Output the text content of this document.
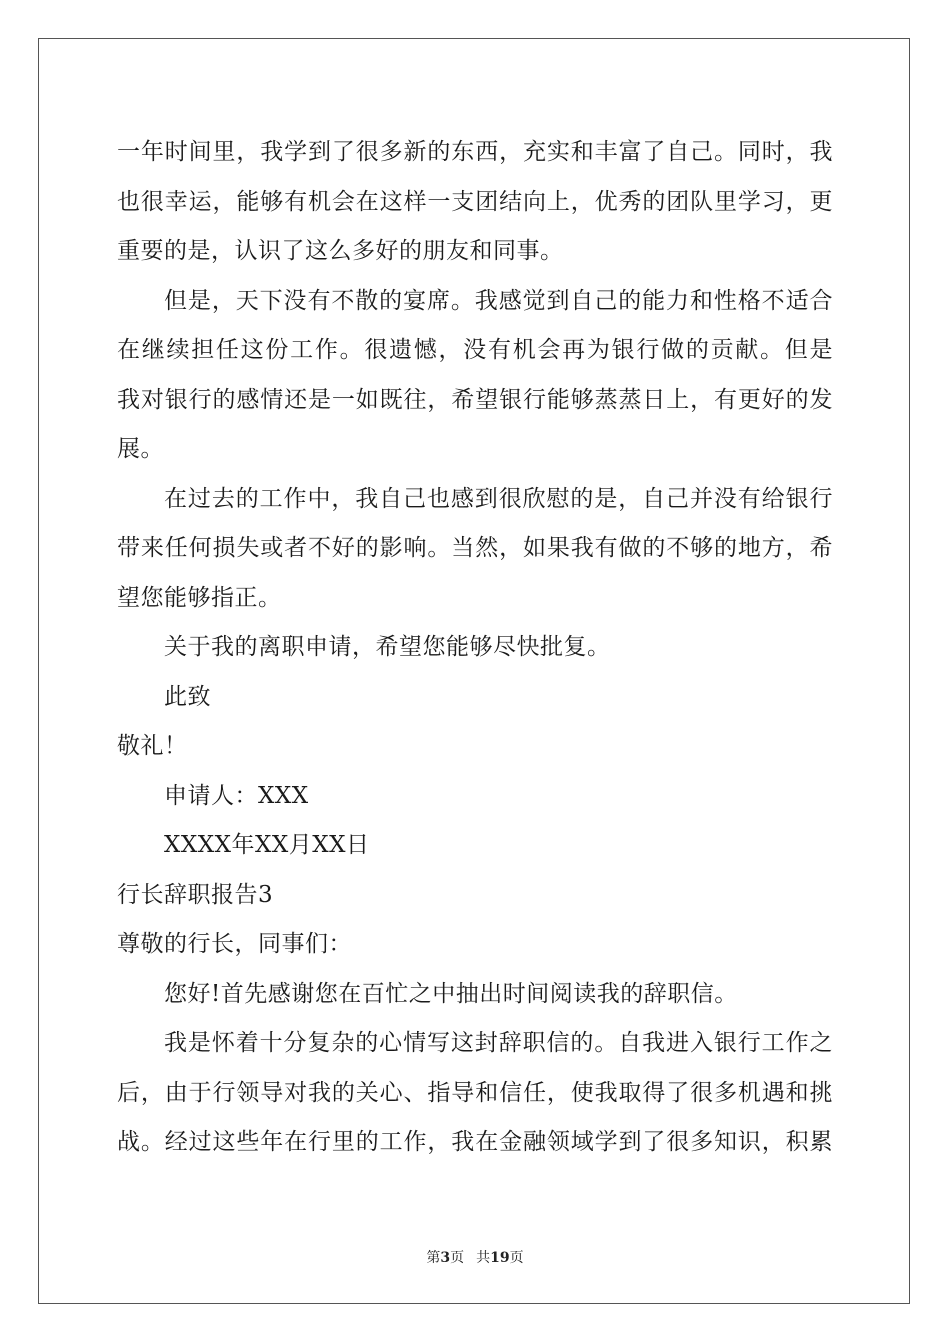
一年时间里，我学到了很多新的东西，充实和丰富了自己。同时，我
也很幸运，能够有机会在这样一支团结向上，优秀的团队里学习，更
重要的是，认识了这么多好的朋友和同事。
但是，天下没有不散的宴席。我感觉到自己的能力和性格不适合
在继续担任这份工作。很遗憾，没有机会再为银行做的贡献。但是
我对银行的感情还是一如既往，希望银行能够蒸蒸日上，有更好的发
展。
在过去的工作中，我自己也感到很欣慰的是，自己并没有给银行
带来任何损失或者不好的影响。当然，如果我有做的不够的地方，希
望您能够指正。
关于我的离职申请，希望您能够尽快批复。
此致
敬礼！
申请人：XXX
XXXX年XX月XX日
行长辞职报告3
尊敬的行长，同事们：
您好!首先感谢您在百忙之中抽出时间阅读我的辞职信。
我是怀着十分复杂的心情写这封辞职信的。自我进入银行工作之
后，由于行领导对我的关心、指导和信任，使我取得了很多机遇和挑
战。经过这些年在行里的工作，我在金融领域学到了很多知识，积累
第3页 共19页
